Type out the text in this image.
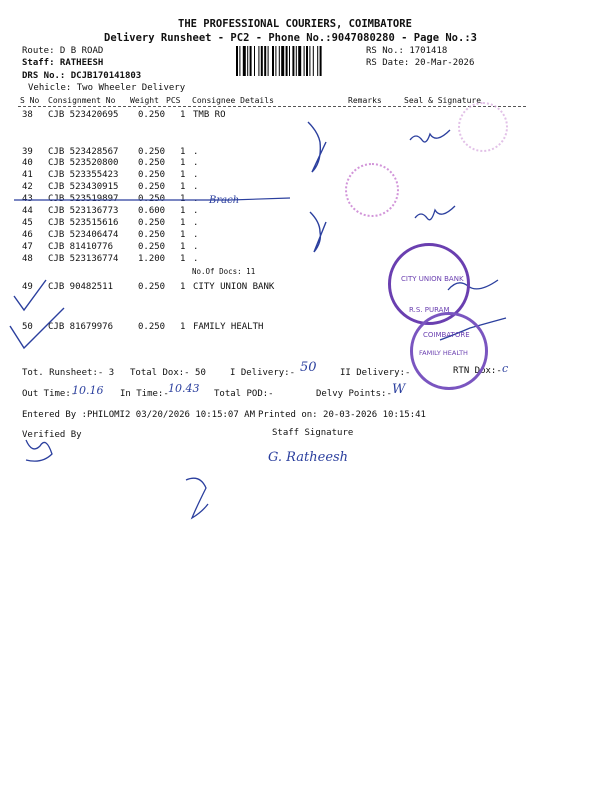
THE PROFESSIONAL COURIERS, COIMBATORE
Delivery Runsheet - PC2 - Phone No.:9047080280 - Page No.:3
Route: D B ROAD
Staff: RATHEESH
DRS No.: DCJB170141803
Vehicle: Two Wheeler Delivery
RS No.: 1701418
RS Date: 20-Mar-2026
S No Consignment No Weight PCS Consignee Details	Remarks	Seal & Signature
38 CJB 523420695 0.250 1 TMB RO
39 CJB 523428567 0.250 1 .
40 CJB 523520800 0.250 1 .
41 CJB 523355423 0.250 1 .
42 CJB 523430915 0.250 1 .
43 CJB 523519897 0.250 1 .
44 CJB 523136773 0.600 1 .
45 CJB 523515616 0.250 1 .
46 CJB 523406474 0.250 1 .
47 CJB 81410776	0.250 1 .
48 CJB 523136774 1.200 1 .
49 CJB 90482511	0.250 1 CITY UNION BANK
50 CJB 81679976	0.250 1 FAMILY HEALTH
No.Of Docs: 11
Tot. Runsheet:- 3 Total Dox:- 50	I Delivery:-	II Delivery:-	RTN Dox:-
Out Time:-	In Time:-	Total POD:-	Delvy Points:-
Entered By :PHILOMI2 03/20/2026 10:15:07 AM Printed on: 20-03-2026 10:15:41
Verified By	Staff Signature
Brach
50	c
10.16	10.43	W
G. Ratheesh
CITY UNION BANK
R.S. PURAM
COIMBATORE
FAMILY HEALTH
